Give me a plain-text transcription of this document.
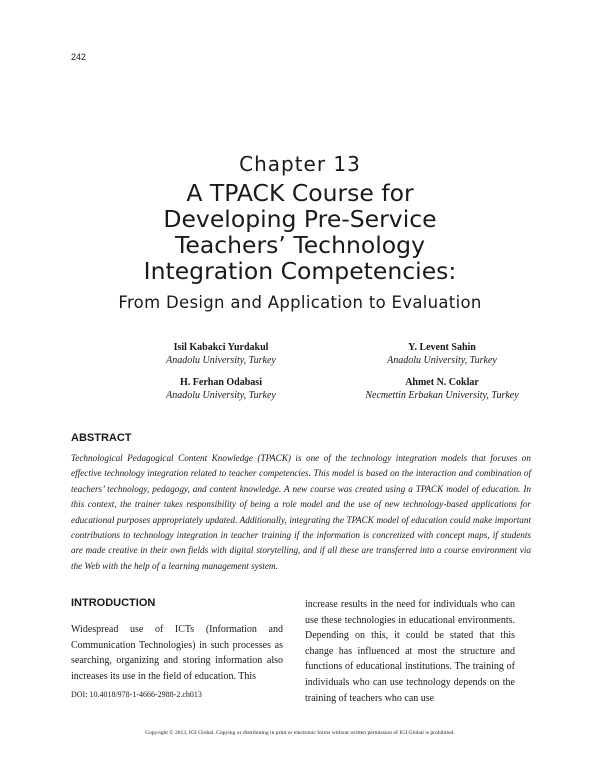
242
Chapter 13
A TPACK Course for
Developing Pre-Service
Teachers’ Technology
Integration Competencies:
From Design and Application to Evaluation
Isil Kabakci Yurdakul
Anadolu University, Turkey
Y. Levent Sahin
Anadolu University, Turkey
H. Ferhan Odabasi
Anadolu University, Turkey
Ahmet N. Coklar
Necmettin Erbakan University, Turkey
ABSTRACT
Technological Pedagogical Content Knowledge (TPACK) is one of the technology integration models that focuses on effective technology integration related to teacher competencies. This model is based on the interaction and combination of teachers’ technology, pedagogy, and content knowledge. A new course was created using a TPACK model of education. In this context, the trainer takes responsibility of being a role model and the use of new technology-based applications for educational purposes appropriately updated. Additionally, integrating the TPACK model of education could make important contributions to technology integration in teacher training if the information is concretized with concept maps, if students are made creative in their own fields with digital storytelling, and if all these are transferred into a course environment via the Web with the help of a learning management system.
INTRODUCTION
Widespread use of ICTs (Information and Communication Technologies) in such processes as searching, organizing and storing information also increases its use in the field of education. This
increase results in the need for individuals who can use these technologies in educational environments. Depending on this, it could be stated that this change has influenced at most the structure and functions of educational institutions. The training of individuals who can use technology depends on the training of teachers who can use
DOI: 10.4018/978-1-4666-2988-2.ch013
Copyright © 2013, IGI Global. Copying or distributing in print or electronic forms without written permission of IGI Global is prohibited.
